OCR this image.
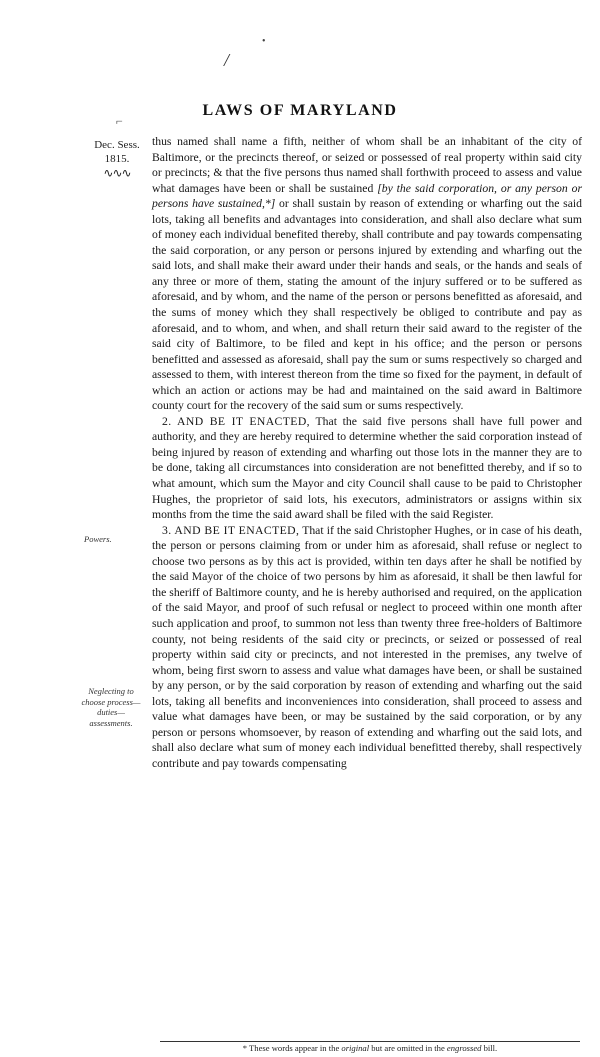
•
/
LAWS OF MARYLAND
⌐
Dec. Sess.
1815.
∿∿∿
Powers.
Neglecting to choose process—duties—assessments.

thus named shall name a fifth, neither of whom shall be an inhabitant of the city of Baltimore, or the precincts thereof, or seized or possessed of real property within said city or precincts; & that the five persons thus named shall forthwith proceed to assess and value what damages have been or shall be sustained [by the said corporation, or any person or persons have sustained,*] or shall sustain by reason of extending or wharfing out the said lots, taking all benefits and advantages into consideration, and shall also declare what sum of money each individual benefited thereby, shall contribute and pay towards compensating the said corporation, or any person or persons injured by extending and wharfing out the said lots, and shall make their award under their hands and seals, or the hands and seals of any three or more of them, stating the amount of the injury suffered or to be suffered as aforesaid, and by whom, and the name of the person or persons benefitted as aforesaid, and the sums of money which they shall respectively be obliged to contribute and pay as aforesaid, and to whom, and when, and shall return their said award to the register of the said city of Baltimore, to be filed and kept in his office; and the person or persons benefitted and assessed as aforesaid, shall pay the sum or sums respectively so charged and assessed to them, with interest thereon from the time so fixed for the payment, in default of which an action or actions may be had and maintained on the said award in Baltimore county court for the recovery of the said sum or sums respectively.

2. AND BE IT ENACTED, That the said five persons shall have full power and authority, and they are hereby required to determine whether the said corporation instead of being injured by reason of extending and wharfing out those lots in the manner they are to be done, taking all circumstances into consideration are not benefitted thereby, and if so to what amount, which sum the Mayor and city Council shall cause to be paid to Christopher Hughes, the proprietor of said lots, his executors, administrators or assigns within six months from the time the said award shall be filed with the said Register.

3. AND BE IT ENACTED, That if the said Christopher Hughes, or in case of his death, the person or persons claiming from or under him as aforesaid, shall refuse or neglect to choose two persons as by this act is provided, within ten days after he shall be notified by the said Mayor of the choice of two persons by him as aforesaid, it shall be then lawful for the sheriff of Baltimore county, and he is hereby authorised and required, on the application of the said Mayor, and proof of such refusal or neglect to proceed within one month after such application and proof, to summon not less than twenty three free-holders of Baltimore county, not being residents of the said city or precincts, or seized or possessed of real property within said city or precincts, and not interested in the premises, any twelve of whom, being first sworn to assess and value what damages have been, or shall be sustained by any person, or by the said corporation by reason of extending and wharfing out the said lots, taking all benefits and inconveniences into consideration, shall proceed to assess and value what damages have been, or may be sustained by the said corporation, or by any person or persons whomsoever, by reason of extending and wharfing out the said lots, and shall also declare what sum of money each individual benefitted thereby, shall respectively contribute and pay towards compensating

* These words appear in the original but are omitted in the engrossed bill.
